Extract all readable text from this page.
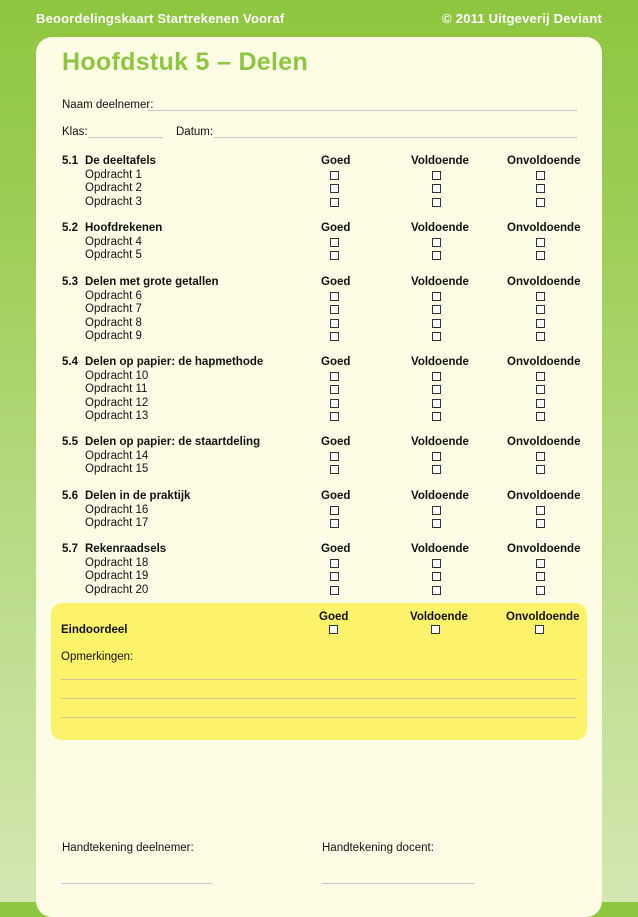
Beoordelingskaart Startrekenen Vooraf	© 2011 Uitgeverij Deviant
Hoofdstuk 5 – Delen
Naam deelnemer:
Klas:	Datum:
5.1 De deeltafels	Goed	Voldoende	Onvoldoende
Opdracht 1
Opdracht 2
Opdracht 3
5.2 Hoofdrekenen	Goed	Voldoende	Onvoldoende
Opdracht 4
Opdracht 5
5.3 Delen met grote getallen	Goed	Voldoende	Onvoldoende
Opdracht 6
Opdracht 7
Opdracht 8
Opdracht 9
5.4 Delen op papier: de hapmethode	Goed	Voldoende	Onvoldoende
Opdracht 10
Opdracht 11
Opdracht 12
Opdracht 13
5.5 Delen op papier: de staartdeling	Goed	Voldoende	Onvoldoende
Opdracht 14
Opdracht 15
5.6 Delen in de praktijk	Goed	Voldoende	Onvoldoende
Opdracht 16
Opdracht 17
5.7 Rekenraadsels	Goed	Voldoende	Onvoldoende
Opdracht 18
Opdracht 19
Opdracht 20
Goed	Voldoende	Onvoldoende
Eindoordeel
Opmerkingen:
Handtekening deelnemer:	Handtekening docent:
